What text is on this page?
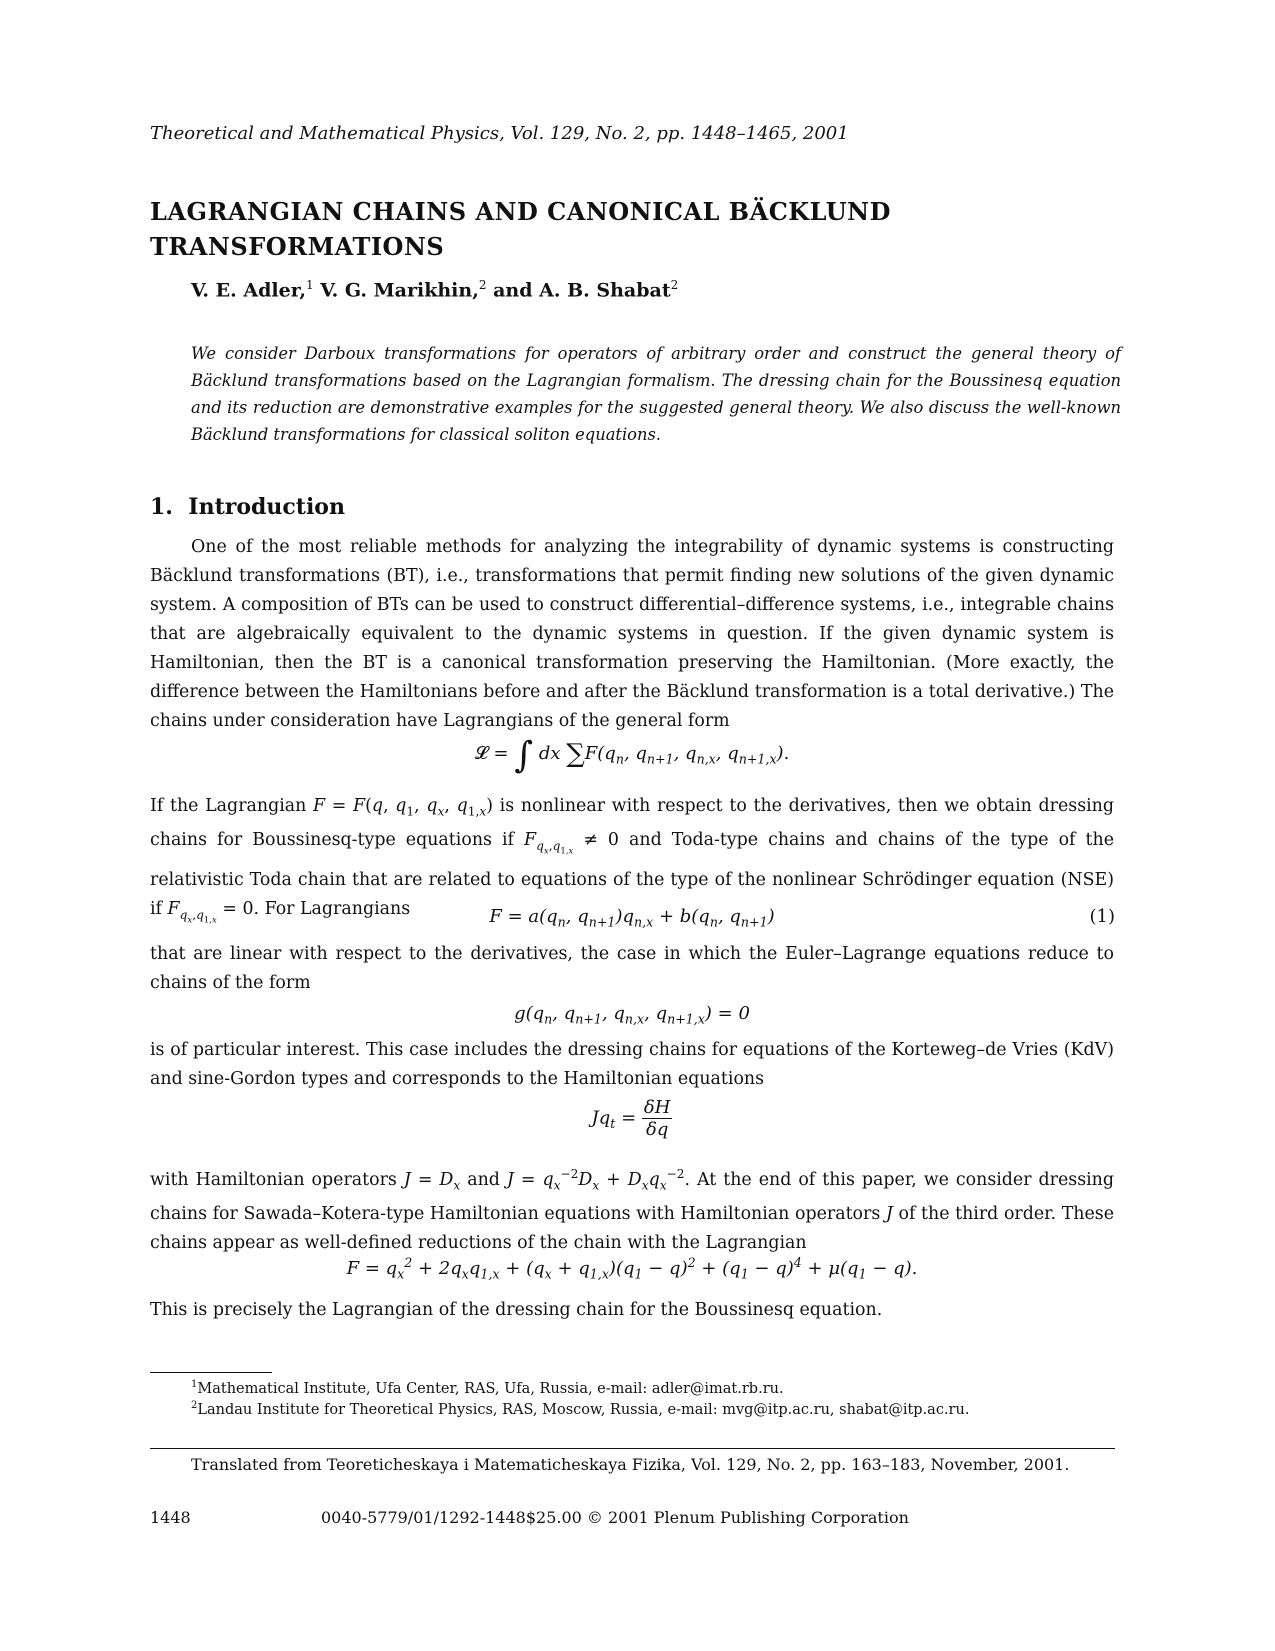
Theoretical and Mathematical Physics, Vol. 129, No. 2, pp. 1448–1465, 2001
LAGRANGIAN CHAINS AND CANONICAL BÄCKLUND
TRANSFORMATIONS
V. E. Adler,$^1$ V. G. Marikhin,$^2$ and A. B. Shabat$^2$
We consider Darboux transformations for operators of arbitrary order and construct the general theory of Bäcklund transformations based on the Lagrangian formalism. The dressing chain for the Boussinesq equation and its reduction are demonstrative examples for the suggested general theory. We also discuss the well-known Bäcklund transformations for classical soliton equations.
1. Introduction
One of the most reliable methods for analyzing the integrability of dynamic systems is constructing Bäcklund transformations (BT), i.e., transformations that permit finding new solutions of the given dynamic system. A composition of BTs can be used to construct differential–difference systems, i.e., integrable chains that are algebraically equivalent to the dynamic systems in question. If the given dynamic system is Hamiltonian, then the BT is a canonical transformation preserving the Hamiltonian. (More exactly, the difference between the Hamiltonians before and after the Bäcklund transformation is a total derivative.) The chains under consideration have Lagrangians of the general form
𝓛 = ∫ dx $\sum F(q_n$, $q_{n+1}$, $q_{n,x}$, $q_{n+1,x}$).
If the Lagrangian F = F(q, $q_1$, $q_x$, $q_{1,x}$) is nonlinear with respect to the derivatives, then we obtain dressing chains for Boussinesq-type equations if $F_{q_x,q_{1,x}} \ne 0$ and Toda-type chains and chains of the type of the relativistic Toda chain that are related to equations of the type of the nonlinear Schrödinger equation (NSE) if $F_{q_x,q_{1,x}} = 0$. For Lagrangians	$F = a(q_n$, $q_{n+1})q_{n,x} + b(q_n$, $q_{n+1}$)	(1)
that are linear with respect to the derivatives, the case in which the Euler–Lagrange equations reduce to chains of the form
$g(q_n$, $q_{n+1}$, $q_{n,x}$, $q_{n+1,x}) = 0$
is of particular interest. This case includes the dressing chains for equations of the Korteweg–de Vries (KdV) and sine-Gordon types and corresponds to the Hamiltonian equations
$Jq_t = \frac{\delta H}{\delta q}$
with Hamiltonian operators $J = D_x$ and $J = q_x^{-2}D_x + D_xq_x^{-2}$. At the end of this paper, we consider dressing chains for Sawada–Kotera-type Hamiltonian equations with Hamiltonian operators J of the third order. These chains appear as well-defined reductions of the chain with the Lagrangian
$F = q_x^2 + 2q_xq_{1,x} + (q_x + q_{1,x})(q_1 - q)^2 + (q_1 - q)^4 + \mu(q_1 - q)$.
This is precisely the Lagrangian of the dressing chain for the Boussinesq equation.
$^1$Mathematical Institute, Ufa Center, RAS, Ufa, Russia, e-mail: adler@imat.rb.ru.
$^2$Landau Institute for Theoretical Physics, RAS, Moscow, Russia, e-mail: mvg@itp.ac.ru, shabat@itp.ac.ru.
Translated from Teoreticheskaya i Matematicheskaya Fizika, Vol. 129, No. 2, pp. 163–183, November, 2001.
1448	0040-5779/01/1292-1448$25.00 © 2001 Plenum Publishing Corporation
